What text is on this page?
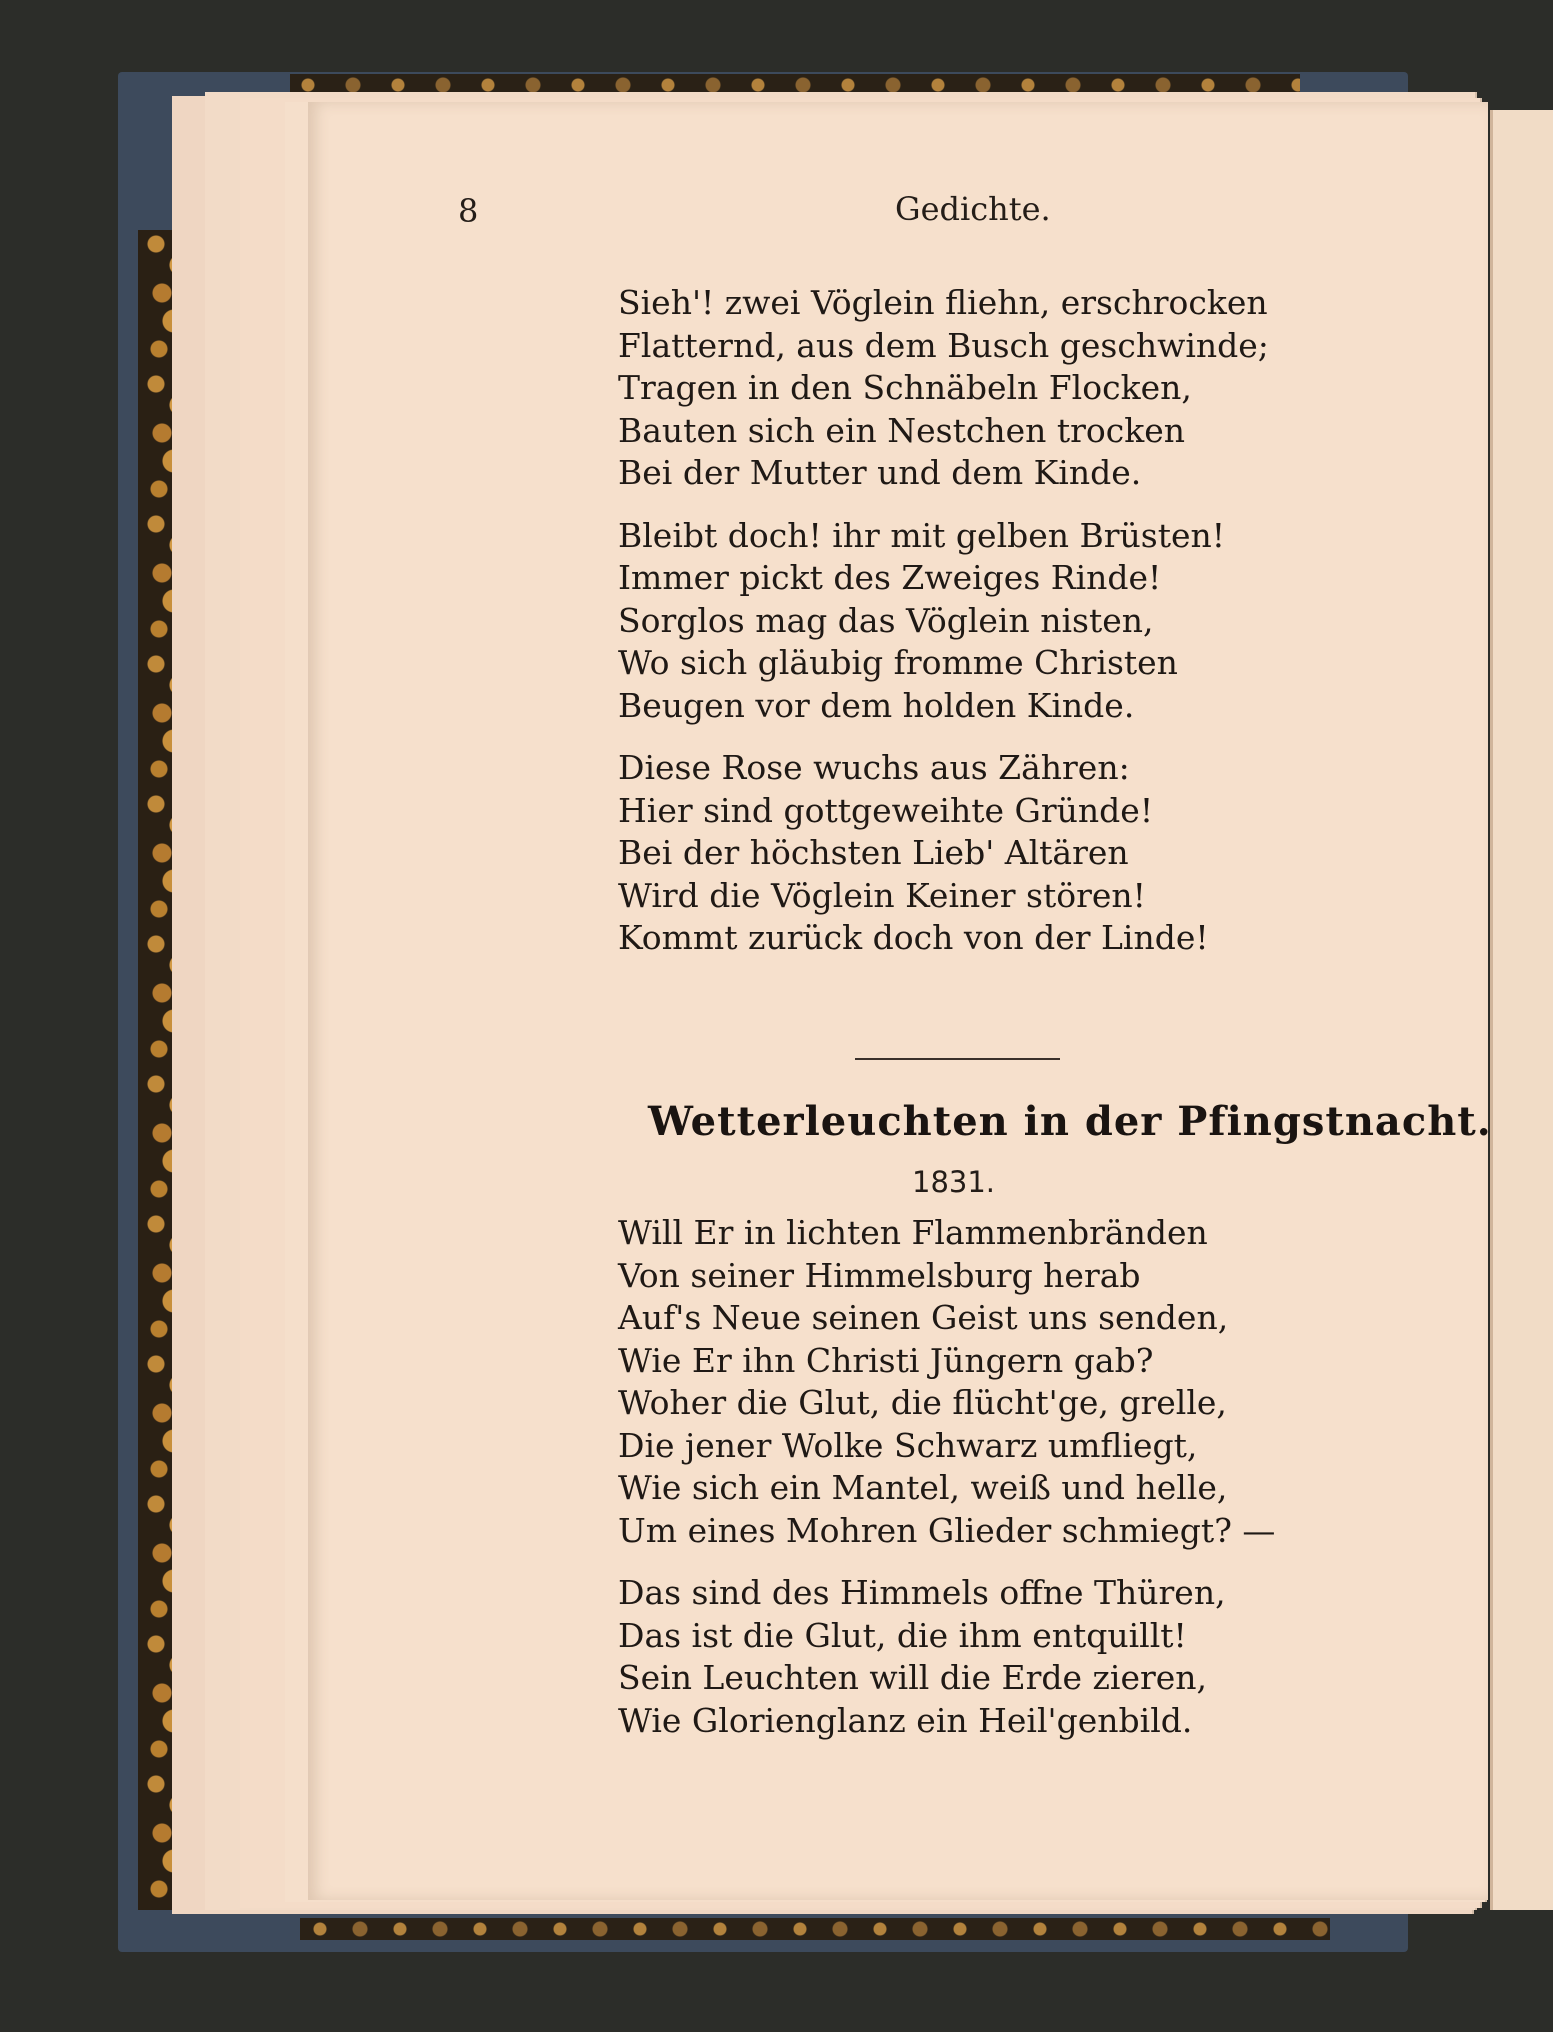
8	Gedichte.
Sieh'! zwei Vöglein fliehn, erschrocken
Flatternd, aus dem Busch geschwinde;
Tragen in den Schnäbeln Flocken,
Bauten sich ein Nestchen trocken
Bei der Mutter und dem Kinde.
Bleibt doch! ihr mit gelben Brüsten!
Immer pickt des Zweiges Rinde!
Sorglos mag das Vöglein nisten,
Wo sich gläubig fromme Christen
Beugen vor dem holden Kinde.
Diese Rose wuchs aus Zähren:
Hier sind gottgeweihte Gründe!
Bei der höchsten Lieb' Altären
Wird die Vöglein Keiner stören!
Kommt zurück doch von der Linde!
Wetterleuchten in der Pfingstnacht.
1831.
Will Er in lichten Flammenbränden
Von seiner Himmelsburg herab
Auf's Neue seinen Geist uns senden,
Wie Er ihn Christi Jüngern gab?
Woher die Glut, die flücht'ge, grelle,
Die jener Wolke Schwarz umfliegt,
Wie sich ein Mantel, weiß und helle,
Um eines Mohren Glieder schmiegt? —
Das sind des Himmels offne Thüren,
Das ist die Glut, die ihm entquillt!
Sein Leuchten will die Erde zieren,
Wie Glorienglanz ein Heil'genbild.
